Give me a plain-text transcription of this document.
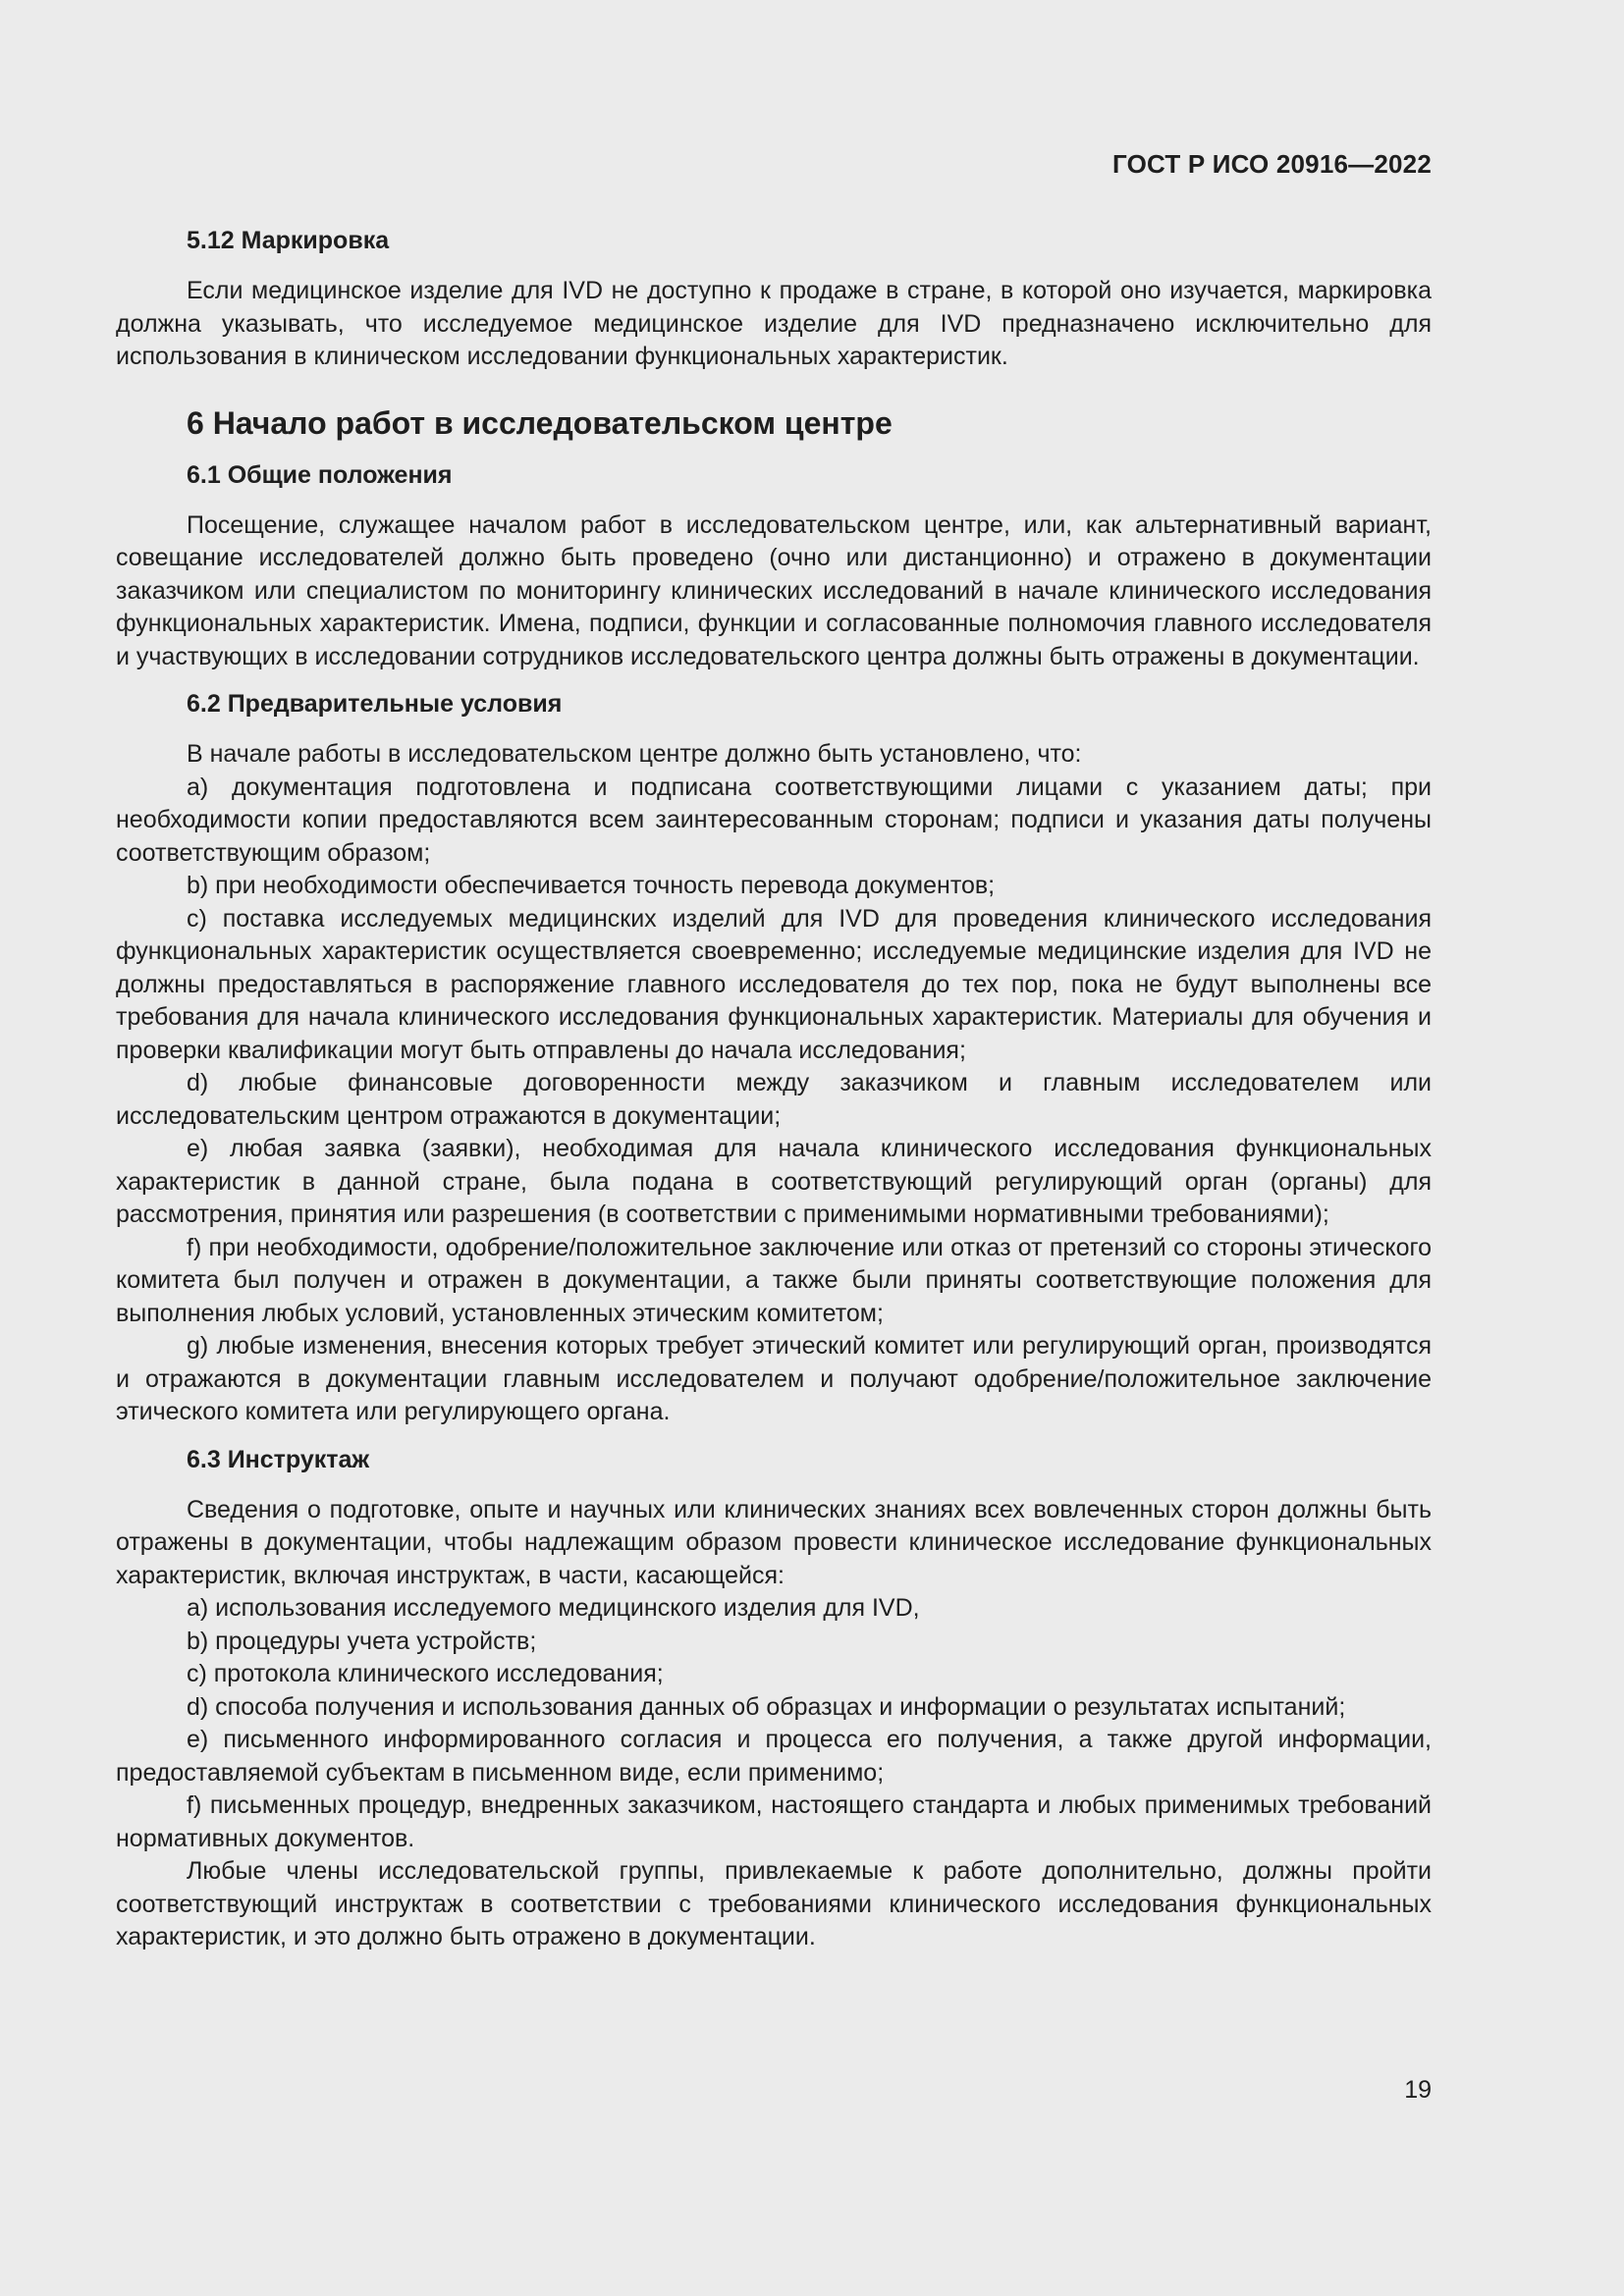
ГОСТ Р ИСО 20916—2022
5.12 Маркировка

Если медицинское изделие для IVD не доступно к продаже в стране, в которой оно изучается, маркировка должна указывать, что исследуемое медицинское изделие для IVD предназначено исключительно для использования в клиническом исследовании функциональных характеристик.

6 Начало работ в исследовательском центре
6.1 Общие положения

Посещение, служащее началом работ в исследовательском центре, или, как альтернативный вариант, совещание исследователей должно быть проведено (очно или дистанционно) и отражено в документации заказчиком или специалистом по мониторингу клинических исследований в начале клинического исследования функциональных характеристик. Имена, подписи, функции и согласованные полномочия главного исследователя и участвующих в исследовании сотрудников исследовательского центра должны быть отражены в документации.

6.2 Предварительные условия

В начале работы в исследовательском центре должно быть установлено, что:

a) документация подготовлена и подписана соответствующими лицами с указанием даты; при необходимости копии предоставляются всем заинтересованным сторонам; подписи и указания даты получены соответствующим образом;

b) при необходимости обеспечивается точность перевода документов;

c) поставка исследуемых медицинских изделий для IVD для проведения клинического исследования функциональных характеристик осуществляется своевременно; исследуемые медицинские изделия для IVD не должны предоставляться в распоряжение главного исследователя до тех пор, пока не будут выполнены все требования для начала клинического исследования функциональных характеристик. Материалы для обучения и проверки квалификации могут быть отправлены до начала исследования;

d) любые финансовые договоренности между заказчиком и главным исследователем или исследовательским центром отражаются в документации;

e) любая заявка (заявки), необходимая для начала клинического исследования функциональных характеристик в данной стране, была подана в соответствующий регулирующий орган (органы) для рассмотрения, принятия или разрешения (в соответствии с применимыми нормативными требованиями);

f) при необходимости, одобрение/положительное заключение или отказ от претензий со стороны этического комитета был получен и отражен в документации, а также были приняты соответствующие положения для выполнения любых условий, установленных этическим комитетом;

g) любые изменения, внесения которых требует этический комитет или регулирующий орган, производятся и отражаются в документации главным исследователем и получают одобрение/положительное заключение этического комитета или регулирующего органа.

6.3 Инструктаж

Сведения о подготовке, опыте и научных или клинических знаниях всех вовлеченных сторон должны быть отражены в документации, чтобы надлежащим образом провести клиническое исследование функциональных характеристик, включая инструктаж, в части, касающейся:

a) использования исследуемого медицинского изделия для IVD,

b) процедуры учета устройств;

c) протокола клинического исследования;

d) способа получения и использования данных об образцах и информации о результатах испытаний;

e) письменного информированного согласия и процесса его получения, а также другой информации, предоставляемой субъектам в письменном виде, если применимо;

f) письменных процедур, внедренных заказчиком, настоящего стандарта и любых применимых требований нормативных документов.

Любые члены исследовательской группы, привлекаемые к работе дополнительно, должны пройти соответствующий инструктаж в соответствии с требованиями клинического исследования функциональных характеристик, и это должно быть отражено в документации.

19
